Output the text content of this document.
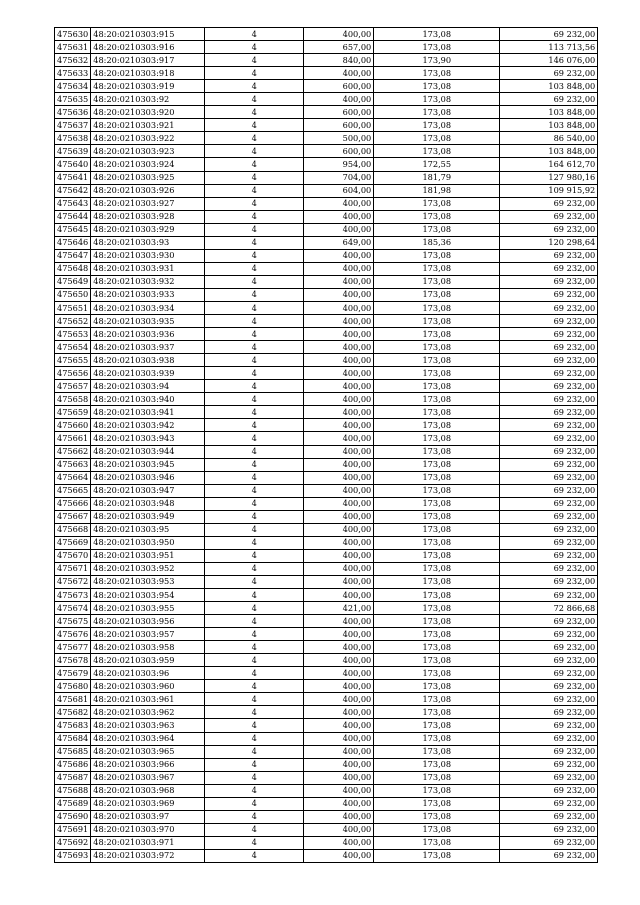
475630	48:20:0210303:915	4	400,00	173,08	69 232,00
475631	48:20:0210303:916	4	657,00	173,08	113 713,56
475632	48:20:0210303:917	4	840,00	173,90	146 076,00
475633	48:20:0210303:918	4	400,00	173,08	69 232,00
475634	48:20:0210303:919	4	600,00	173,08	103 848,00
475635	48:20:0210303:92	4	400,00	173,08	69 232,00
475636	48:20:0210303:920	4	600,00	173,08	103 848,00
475637	48:20:0210303:921	4	600,00	173,08	103 848,00
475638	48:20:0210303:922	4	500,00	173,08	86 540,00
475639	48:20:0210303:923	4	600,00	173,08	103 848,00
475640	48:20:0210303:924	4	954,00	172,55	164 612,70
475641	48:20:0210303:925	4	704,00	181,79	127 980,16
475642	48:20:0210303:926	4	604,00	181,98	109 915,92
475643	48:20:0210303:927	4	400,00	173,08	69 232,00
475644	48:20:0210303:928	4	400,00	173,08	69 232,00
475645	48:20:0210303:929	4	400,00	173,08	69 232,00
475646	48:20:0210303:93	4	649,00	185,36	120 298,64
475647	48:20:0210303:930	4	400,00	173,08	69 232,00
475648	48:20:0210303:931	4	400,00	173,08	69 232,00
475649	48:20:0210303:932	4	400,00	173,08	69 232,00
475650	48:20:0210303:933	4	400,00	173,08	69 232,00
475651	48:20:0210303:934	4	400,00	173,08	69 232,00
475652	48:20:0210303:935	4	400,00	173,08	69 232,00
475653	48:20:0210303:936	4	400,00	173,08	69 232,00
475654	48:20:0210303:937	4	400,00	173,08	69 232,00
475655	48:20:0210303:938	4	400,00	173,08	69 232,00
475656	48:20:0210303:939	4	400,00	173,08	69 232,00
475657	48:20:0210303:94	4	400,00	173,08	69 232,00
475658	48:20:0210303:940	4	400,00	173,08	69 232,00
475659	48:20:0210303:941	4	400,00	173,08	69 232,00
475660	48:20:0210303:942	4	400,00	173,08	69 232,00
475661	48:20:0210303:943	4	400,00	173,08	69 232,00
475662	48:20:0210303:944	4	400,00	173,08	69 232,00
475663	48:20:0210303:945	4	400,00	173,08	69 232,00
475664	48:20:0210303:946	4	400,00	173,08	69 232,00
475665	48:20:0210303:947	4	400,00	173,08	69 232,00
475666	48:20:0210303:948	4	400,00	173,08	69 232,00
475667	48:20:0210303:949	4	400,00	173,08	69 232,00
475668	48:20:0210303:95	4	400,00	173,08	69 232,00
475669	48:20:0210303:950	4	400,00	173,08	69 232,00
475670	48:20:0210303:951	4	400,00	173,08	69 232,00
475671	48:20:0210303:952	4	400,00	173,08	69 232,00
475672	48:20:0210303:953	4	400,00	173,08	69 232,00
475673	48:20:0210303:954	4	400,00	173,08	69 232,00
475674	48:20:0210303:955	4	421,00	173,08	72 866,68
475675	48:20:0210303:956	4	400,00	173,08	69 232,00
475676	48:20:0210303:957	4	400,00	173,08	69 232,00
475677	48:20:0210303:958	4	400,00	173,08	69 232,00
475678	48:20:0210303:959	4	400,00	173,08	69 232,00
475679	48:20:0210303:96	4	400,00	173,08	69 232,00
475680	48:20:0210303:960	4	400,00	173,08	69 232,00
475681	48:20:0210303:961	4	400,00	173,08	69 232,00
475682	48:20:0210303:962	4	400,00	173,08	69 232,00
475683	48:20:0210303:963	4	400,00	173,08	69 232,00
475684	48:20:0210303:964	4	400,00	173,08	69 232,00
475685	48:20:0210303:965	4	400,00	173,08	69 232,00
475686	48:20:0210303:966	4	400,00	173,08	69 232,00
475687	48:20:0210303:967	4	400,00	173,08	69 232,00
475688	48:20:0210303:968	4	400,00	173,08	69 232,00
475689	48:20:0210303:969	4	400,00	173,08	69 232,00
475690	48:20:0210303:97	4	400,00	173,08	69 232,00
475691	48:20:0210303:970	4	400,00	173,08	69 232,00
475692	48:20:0210303:971	4	400,00	173,08	69 232,00
475693	48:20:0210303:972	4	400,00	173,08	69 232,00
